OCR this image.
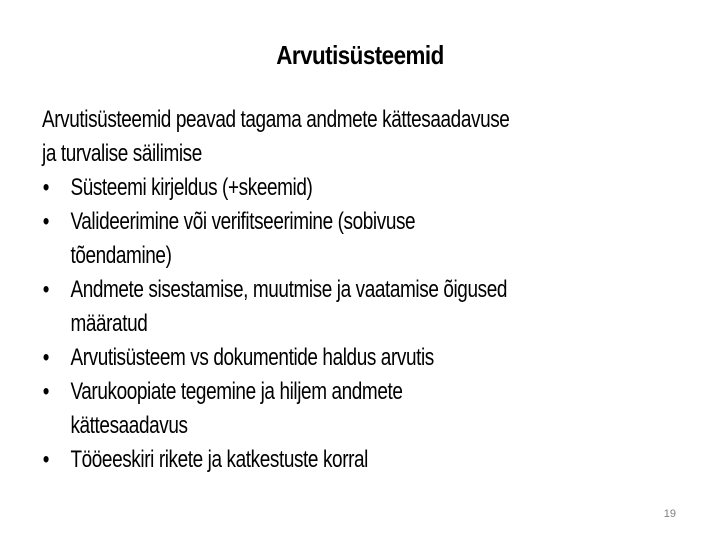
Arvutisüsteemid

Arvutisüsteemid peavad tagama andmete kättesaadavuse
ja turvalise säilimise

• Süsteemi kirjeldus (+skeemid)
• Valideerimine või verifitseerimine (sobivuse
tõendamine)
• Andmete sisestamise, muutmise ja vaatamise õigused
määratud
• Arvutisüsteem vs dokumentide haldus arvutis
• Varukoopiate tegemine ja hiljem andmete
kättesaadavus
• Tööeeskiri rikete ja katkestuste korral
19
